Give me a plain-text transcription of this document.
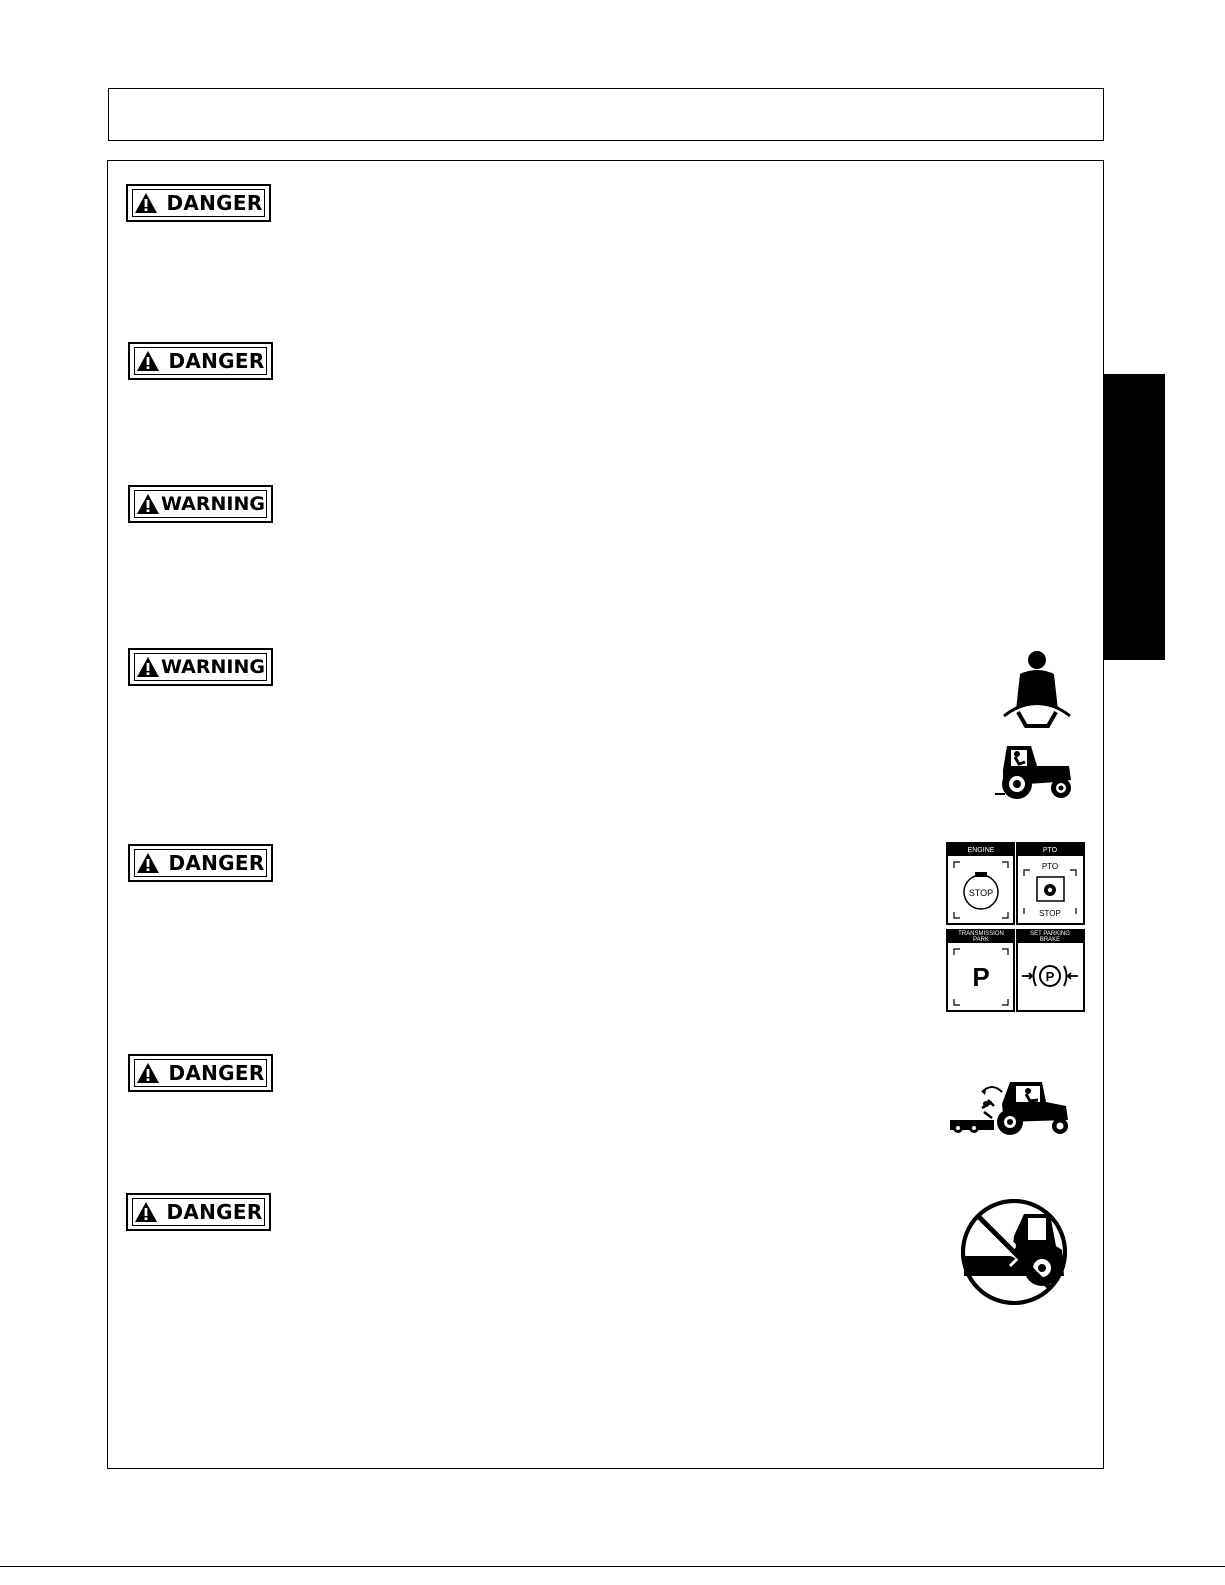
DANGER
DANGER
WARNING
WARNING
DANGER
DANGER
DANGER
ENGINE
STOP
PTO
PTO
STOP
TRANSMISSION
PARK
P
SET PARKING
BRAKE
P
